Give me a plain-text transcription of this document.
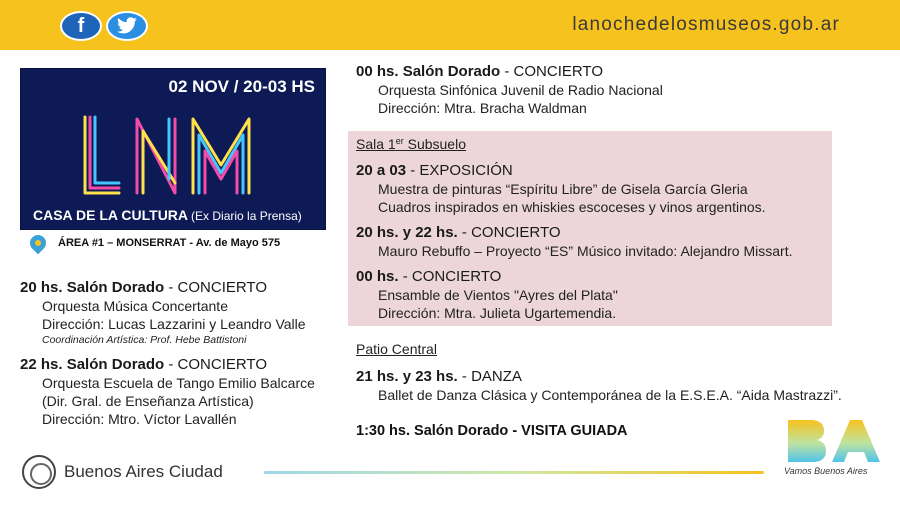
f	lanochedelosmuseos.gob.ar
02 NOV / 20-03 HS
CASA DE LA CULTURA (Ex Diario la Prensa)
ÁREA #1 – MONSERRAT - Av. de Mayo 575
20 hs. Salón Dorado - CONCIERTO
Orquesta Música Concertante
Dirección: Lucas Lazzarini y Leandro Valle
Coordinación Artística: Prof. Hebe Battistoni
22 hs. Salón Dorado - CONCIERTO
Orquesta Escuela de Tango Emilio Balcarce
(Dir. Gral. de Enseñanza Artística)
Dirección: Mtro. Víctor Lavallén
00 hs. Salón Dorado - CONCIERTO
Orquesta Sinfónica Juvenil de Radio Nacional
Dirección: Mtra. Bracha Waldman
Sala 1er Subsuelo
20 a 03 - EXPOSICIÓN
Muestra de pinturas “Espíritu Libre” de Gisela García Gleria
Cuadros inspirados en whiskies escoceses y vinos argentinos.
20 hs. y 22 hs. - CONCIERTO
Mauro Rebuffo – Proyecto “ES” Músico invitado: Alejandro Missart.
00 hs. - CONCIERTO
Ensamble de Vientos "Ayres del Plata"
Dirección: Mtra. Julieta Ugartemendia.
Patio Central
21 hs. y 23 hs. - DANZA
Ballet de Danza Clásica y Contemporánea de la E.S.E.A. “Aida Mastrazzi”.
1:30 hs. Salón Dorado - VISITA GUIADA
Buenos Aires Ciudad	Vamos Buenos Aires
